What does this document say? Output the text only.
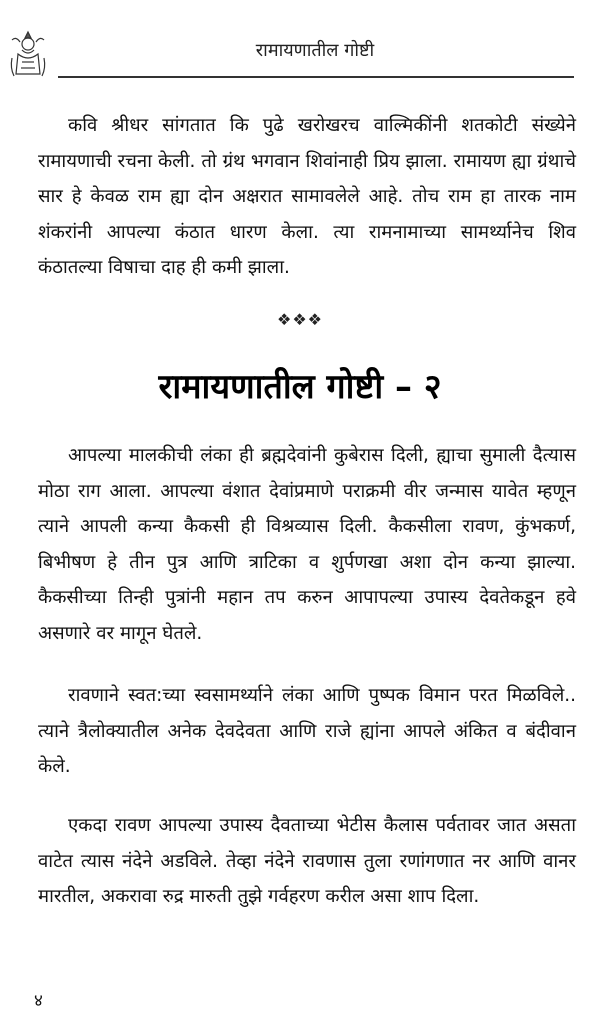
रामायणातील गोष्टी

कवि श्रीधर सांगतात कि पुढे खरोखरच वाल्मिकींनी शतकोटी संख्येने रामायणाची रचना केली. तो ग्रंथ भगवान शिवांनाही प्रिय झाला. रामायण ह्या ग्रंथाचे सार हे केवळ राम ह्या दोन अक्षरात सामावलेले आहे. तोच राम हा तारक नाम शंकरांनी आपल्या कंठात धारण केला. त्या रामनामाच्या सामर्थ्यानेच शिव कंठातल्या विषाचा दाह ही कमी झाला.

❖❖❖
रामायणातील गोष्टी – २

आपल्या मालकीची लंका ही ब्रह्मदेवांनी कुबेरास दिली, ह्याचा सुमाली दैत्यास मोठा राग आला. आपल्या वंशात देवांप्रमाणे पराक्रमी वीर जन्मास यावेत म्हणून त्याने आपली कन्या कैकसी ही विश्रव्यास दिली. कैकसीला रावण, कुंभकर्ण, बिभीषण हे तीन पुत्र आणि त्राटिका व शुर्पणखा अशा दोन कन्या झाल्या. कैकसीच्या तिन्ही पुत्रांनी महान तप करुन आपापल्या उपास्य देवतेकडून हवे असणारे वर मागून घेतले.

रावणाने स्वत:च्या स्वसामर्थ्याने लंका आणि पुष्पक विमान परत मिळविले.. त्याने त्रैलोक्यातील अनेक देवदेवता आणि राजे ह्यांना आपले अंकित व बंदीवान केले.

एकदा रावण आपल्या उपास्य दैवताच्या भेटीस कैलास पर्वतावर जात असता वाटेत त्यास नंदेने अडविले. तेव्हा नंदेने रावणास तुला रणांगणात नर आणि वानर मारतील, अकरावा रुद्र मारुती तुझे गर्वहरण करील असा शाप दिला.

४
